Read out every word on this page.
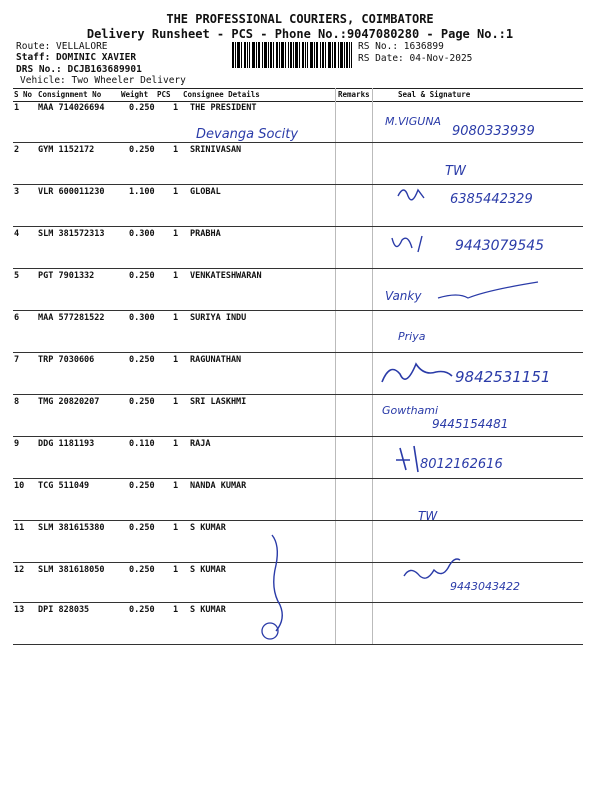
THE PROFESSIONAL COURIERS, COIMBATORE
Delivery Runsheet - PCS - Phone No.:9047080280 - Page No.:1
Route: VELLALORE
Staff: DOMINIC XAVIER
DRS No.: DCJB163689901
Vehicle: Two Wheeler Delivery
RS No.: 1636899
RS Date: 04-Nov-2025
S No Consignment No	Weight PCS Consignee Details	Remarks	Seal & Signature
1 MAA 714026694	0.250 1 THE PRESIDENT
2 GYM 1152172	0.250 1 SRINIVASAN
3 VLR 600011230	1.100 1 GLOBAL
4 SLM 381572313	0.300 1 PRABHA
5 PGT 7901332	0.250 1 VENKATESHWARAN
6 MAA 577281522	0.300 1 SURIYA INDU
7 TRP 7030606	0.250 1 RAGUNATHAN
8 TMG 20820207	0.250 1 SRI LASKHMI
9 DDG 1181193	0.110 1 RAJA
10 TCG 511049	0.250 1 NANDA KUMAR
11 SLM 381615380	0.250 1 S KUMAR
12 SLM 381618050	0.250 1 S KUMAR
13 DPI 828035	0.250 1 S KUMAR
Devanga Socity
M.VIGUNA
9080333939
TW
6385442329
9443079545
Vanky
Priya
9842531151
Gowthami
9445154481
8012162616
TW
9443043422
